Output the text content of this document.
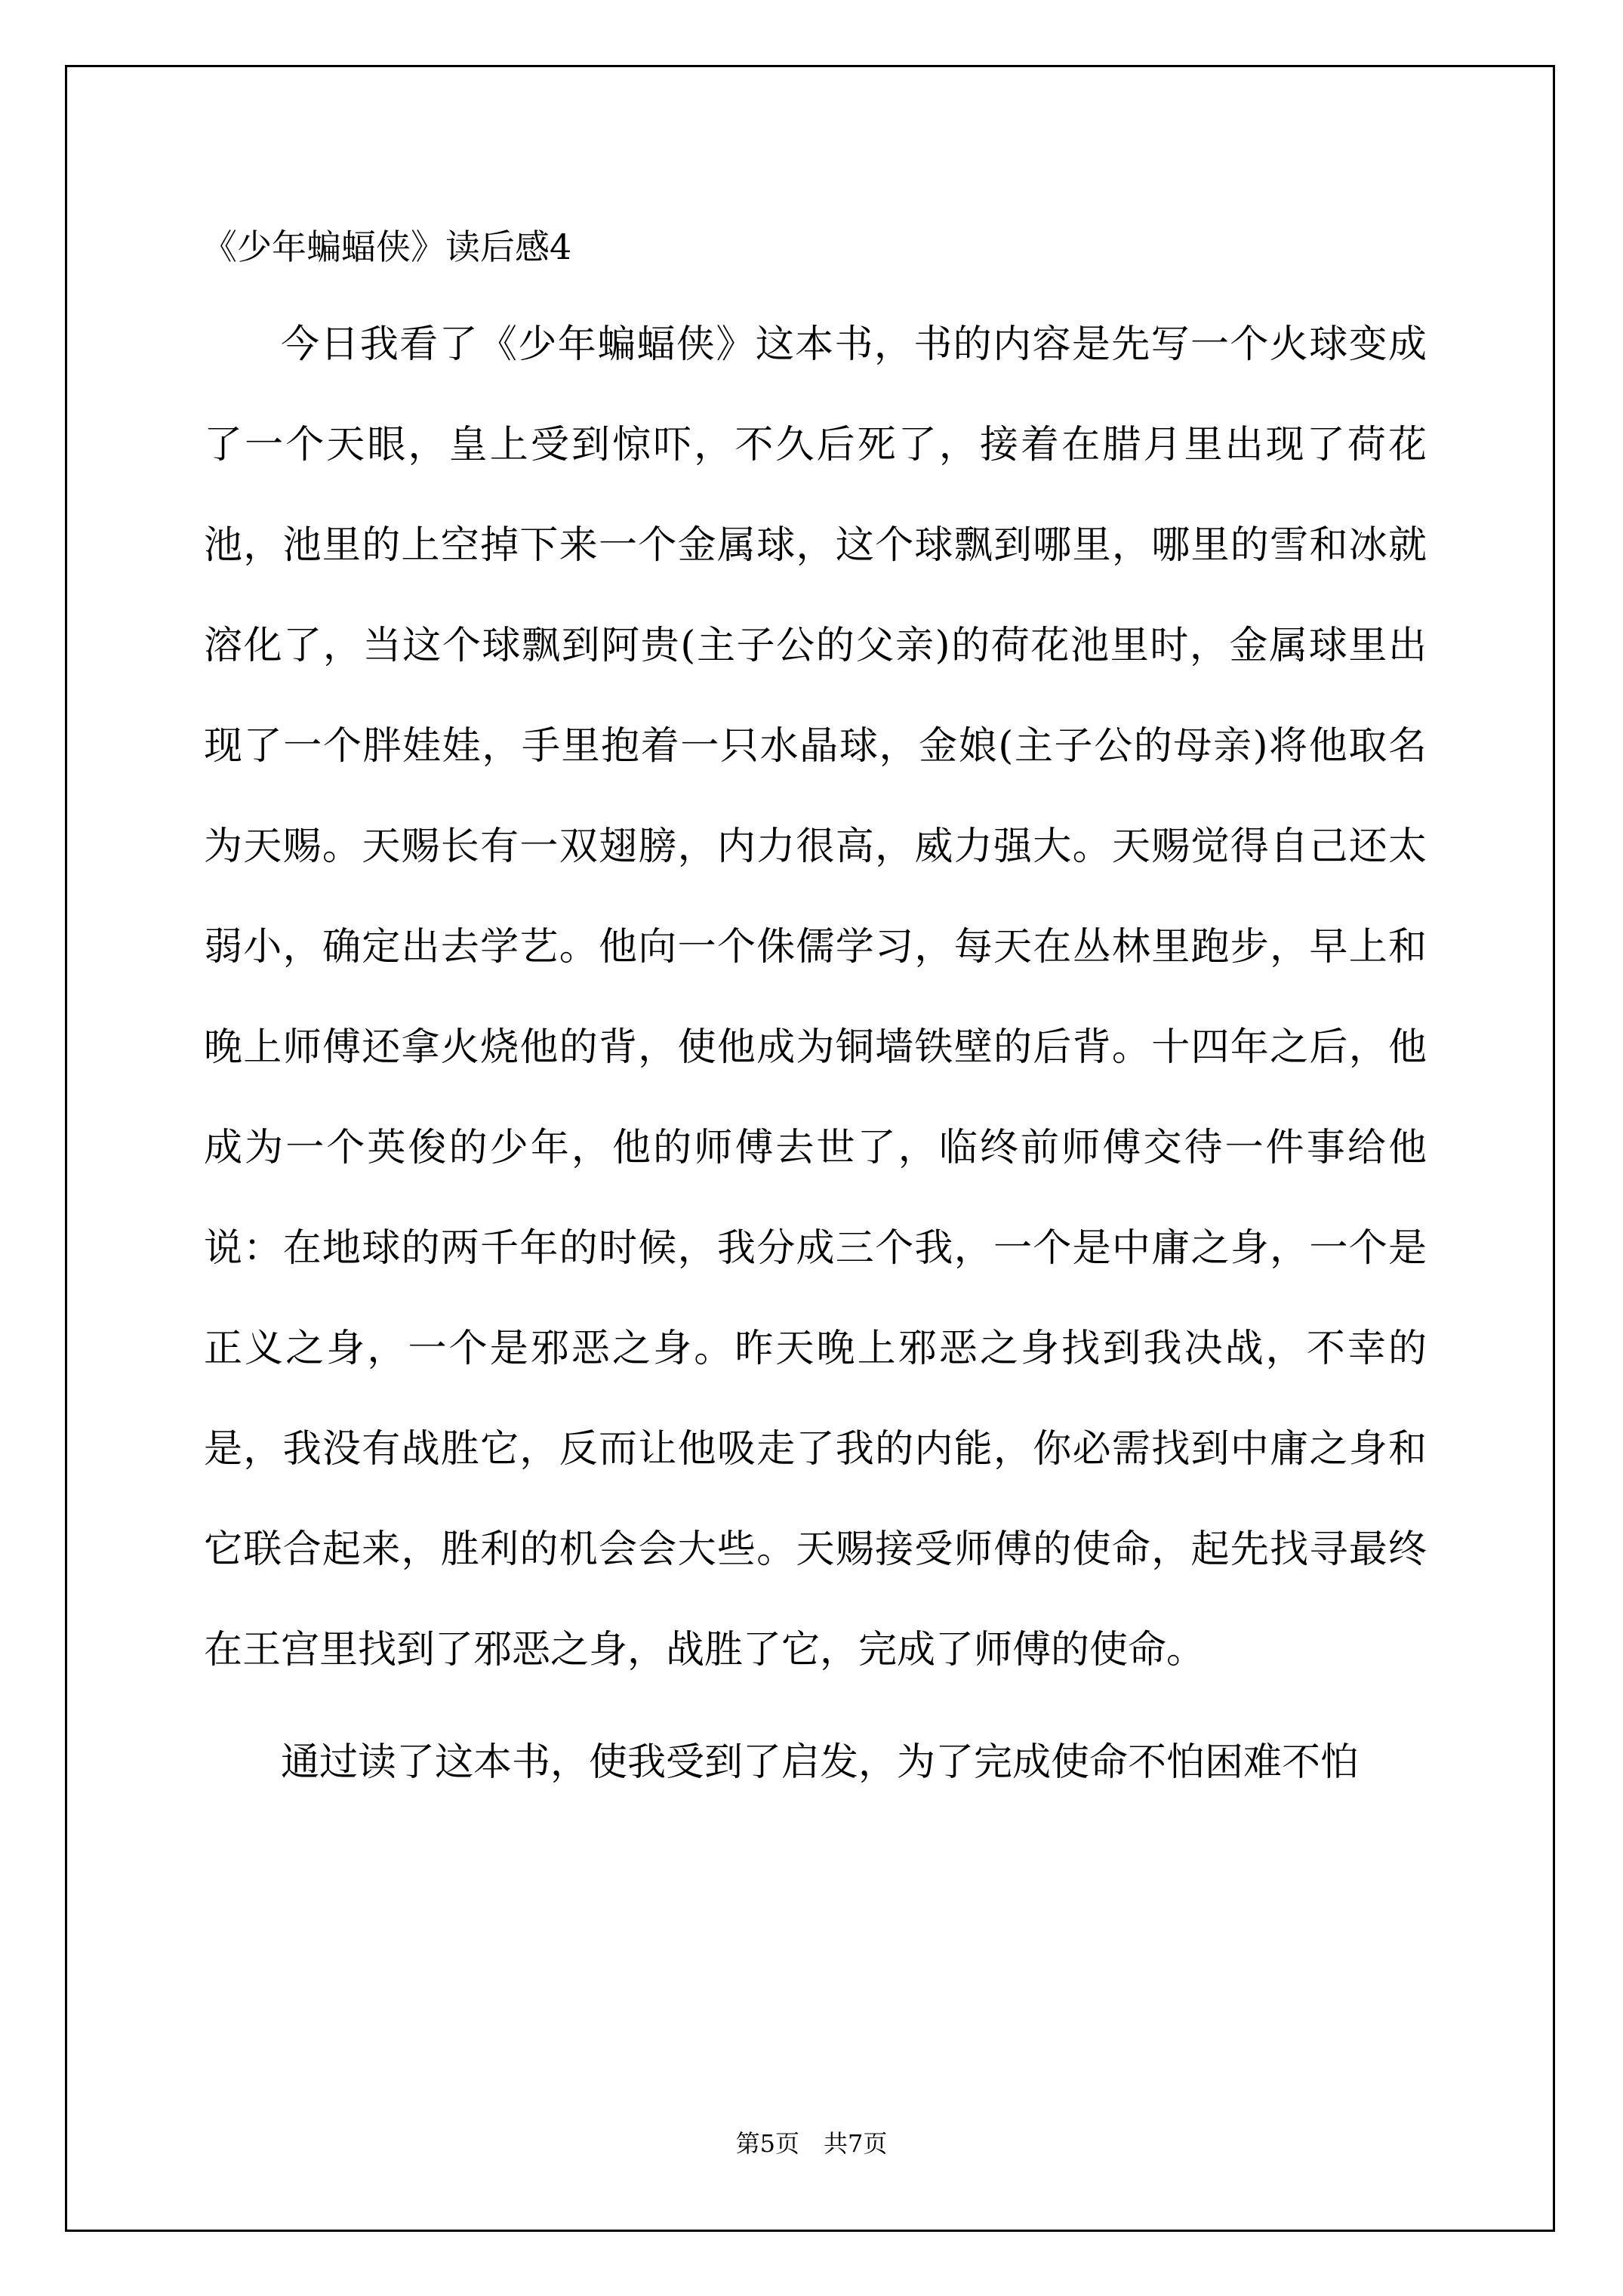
《少年蝙蝠侠》读后感4

今日我看了《少年蝙蝠侠》这本书，书的内容是先写一个火球变成了一个天眼，皇上受到惊吓，不久后死了，接着在腊月里出现了荷花池，池里的上空掉下来一个金属球，这个球飘到哪里，哪里的雪和冰就溶化了，当这个球飘到阿贵(主子公的父亲)的荷花池里时，金属球里出现了一个胖娃娃，手里抱着一只水晶球，金娘(主子公的母亲)将他取名为天赐。天赐长有一双翅膀，内力很高，威力强大。天赐觉得自己还太弱小，确定出去学艺。他向一个侏儒学习，每天在丛林里跑步，早上和晚上师傅还拿火烧他的背，使他成为铜墙铁壁的后背。十四年之后，他成为一个英俊的少年，他的师傅去世了，临终前师傅交待一件事给他说：在地球的两千年的时候，我分成三个我，一个是中庸之身，一个是正义之身，一个是邪恶之身。昨天晚上邪恶之身找到我决战，不幸的是，我没有战胜它，反而让他吸走了我的内能，你必需找到中庸之身和它联合起来，胜利的机会会大些。天赐接受师傅的使命，起先找寻最终在王宫里找到了邪恶之身，战胜了它，完成了师傅的使命。

通过读了这本书，使我受到了启发，为了完成使命不怕困难不怕

第5页　共7页
